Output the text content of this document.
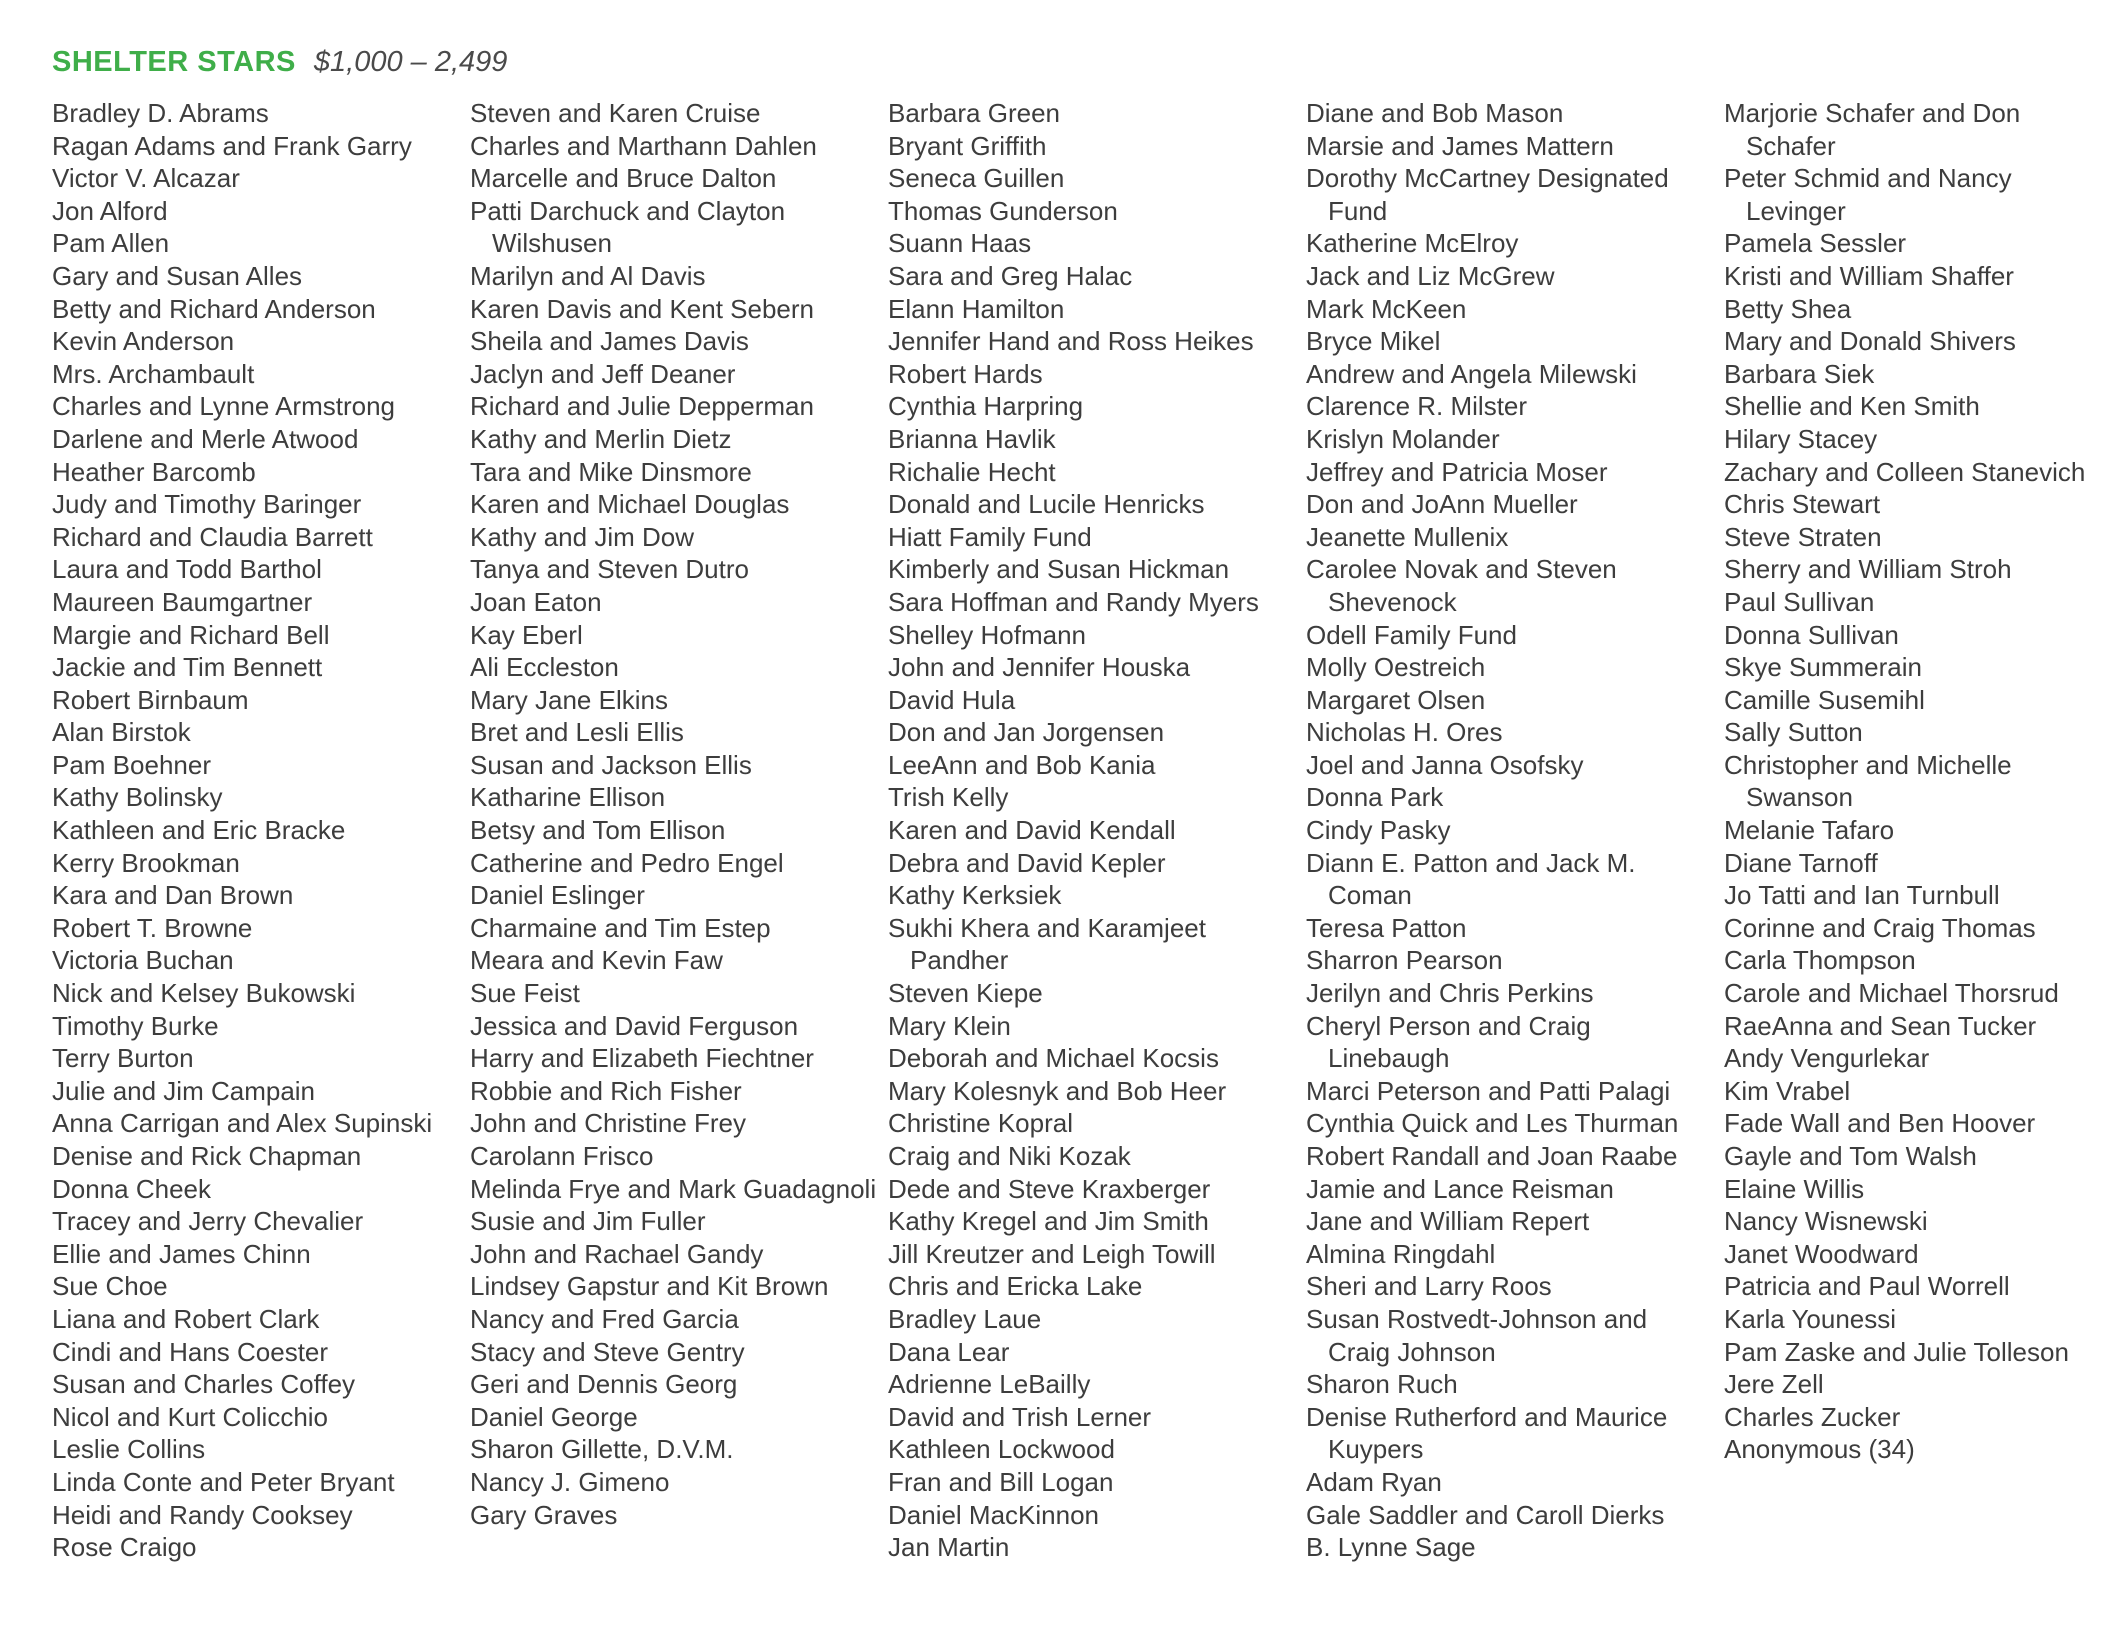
SHELTER STARS $1,000 – 2,499
Bradley D. Abrams
Ragan Adams and Frank Garry
Victor V. Alcazar
Jon Alford
Pam Allen
Gary and Susan Alles
Betty and Richard Anderson
Kevin Anderson
Mrs. Archambault
Charles and Lynne Armstrong
Darlene and Merle Atwood
Heather Barcomb
Judy and Timothy Baringer
Richard and Claudia Barrett
Laura and Todd Barthol
Maureen Baumgartner
Margie and Richard Bell
Jackie and Tim Bennett
Robert Birnbaum
Alan Birstok
Pam Boehner
Kathy Bolinsky
Kathleen and Eric Bracke
Kerry Brookman
Kara and Dan Brown
Robert T. Browne
Victoria Buchan
Nick and Kelsey Bukowski
Timothy Burke
Terry Burton
Julie and Jim Campain
Anna Carrigan and Alex Supinski
Denise and Rick Chapman
Donna Cheek
Tracey and Jerry Chevalier
Ellie and James Chinn
Sue Choe
Liana and Robert Clark
Cindi and Hans Coester
Susan and Charles Coffey
Nicol and Kurt Colicchio
Leslie Collins
Linda Conte and Peter Bryant
Heidi and Randy Cooksey
Rose Craigo
Steven and Karen Cruise
Charles and Marthann Dahlen
Marcelle and Bruce Dalton
Patti Darchuck and Clayton Wilshusen
Marilyn and Al Davis
Karen Davis and Kent Sebern
Sheila and James Davis
Jaclyn and Jeff Deaner
Richard and Julie Depperman
Kathy and Merlin Dietz
Tara and Mike Dinsmore
Karen and Michael Douglas
Kathy and Jim Dow
Tanya and Steven Dutro
Joan Eaton
Kay Eberl
Ali Eccleston
Mary Jane Elkins
Bret and Lesli Ellis
Susan and Jackson Ellis
Katharine Ellison
Betsy and Tom Ellison
Catherine and Pedro Engel
Daniel Eslinger
Charmaine and Tim Estep
Meara and Kevin Faw
Sue Feist
Jessica and David Ferguson
Harry and Elizabeth Fiechtner
Robbie and Rich Fisher
John and Christine Frey
Carolann Frisco
Melinda Frye and Mark Guadagnoli
Susie and Jim Fuller
John and Rachael Gandy
Lindsey Gapstur and Kit Brown
Nancy and Fred Garcia
Stacy and Steve Gentry
Geri and Dennis Georg
Daniel George
Sharon Gillette, D.V.M.
Nancy J. Gimeno
Gary Graves
Barbara Green
Bryant Griffith
Seneca Guillen
Thomas Gunderson
Suann Haas
Sara and Greg Halac
Elann Hamilton
Jennifer Hand and Ross Heikes
Robert Hards
Cynthia Harpring
Brianna Havlik
Richalie Hecht
Donald and Lucile Henricks
Hiatt Family Fund
Kimberly and Susan Hickman
Sara Hoffman and Randy Myers
Shelley Hofmann
John and Jennifer Houska
David Hula
Don and Jan Jorgensen
LeeAnn and Bob Kania
Trish Kelly
Karen and David Kendall
Debra and David Kepler
Kathy Kerksiek
Sukhi Khera and Karamjeet Pandher
Steven Kiepe
Mary Klein
Deborah and Michael Kocsis
Mary Kolesnyk and Bob Heer
Christine Kopral
Craig and Niki Kozak
Dede and Steve Kraxberger
Kathy Kregel and Jim Smith
Jill Kreutzer and Leigh Towill
Chris and Ericka Lake
Bradley Laue
Dana Lear
Adrienne LeBailly
David and Trish Lerner
Kathleen Lockwood
Fran and Bill Logan
Daniel MacKinnon
Jan Martin
Diane and Bob Mason
Marsie and James Mattern
Dorothy McCartney Designated Fund
Katherine McElroy
Jack and Liz McGrew
Mark McKeen
Bryce Mikel
Andrew and Angela Milewski
Clarence R. Milster
Krislyn Molander
Jeffrey and Patricia Moser
Don and JoAnn Mueller
Jeanette Mullenix
Carolee Novak and Steven Shevenock
Odell Family Fund
Molly Oestreich
Margaret Olsen
Nicholas H. Ores
Joel and Janna Osofsky
Donna Park
Cindy Pasky
Diann E. Patton and Jack M. Coman
Teresa Patton
Sharron Pearson
Jerilyn and Chris Perkins
Cheryl Person and Craig Linebaugh
Marci Peterson and Patti Palagi
Cynthia Quick and Les Thurman
Robert Randall and Joan Raabe
Jamie and Lance Reisman
Jane and William Repert
Almina Ringdahl
Sheri and Larry Roos
Susan Rostvedt-Johnson and Craig Johnson
Sharon Ruch
Denise Rutherford and Maurice Kuypers
Adam Ryan
Gale Saddler and Caroll Dierks
B. Lynne Sage
Marjorie Schafer and Don Schafer
Peter Schmid and Nancy Levinger
Pamela Sessler
Kristi and William Shaffer
Betty Shea
Mary and Donald Shivers
Barbara Siek
Shellie and Ken Smith
Hilary Stacey
Zachary and Colleen Stanevich
Chris Stewart
Steve Straten
Sherry and William Stroh
Paul Sullivan
Donna Sullivan
Skye Summerain
Camille Susemihl
Sally Sutton
Christopher and Michelle Swanson
Melanie Tafaro
Diane Tarnoff
Jo Tatti and Ian Turnbull
Corinne and Craig Thomas
Carla Thompson
Carole and Michael Thorsrud
RaeAnna and Sean Tucker
Andy Vengurlekar
Kim Vrabel
Fade Wall and Ben Hoover
Gayle and Tom Walsh
Elaine Willis
Nancy Wisnewski
Janet Woodward
Patricia and Paul Worrell
Karla Younessi
Pam Zaske and Julie Tolleson
Jere Zell
Charles Zucker
Anonymous (34)
